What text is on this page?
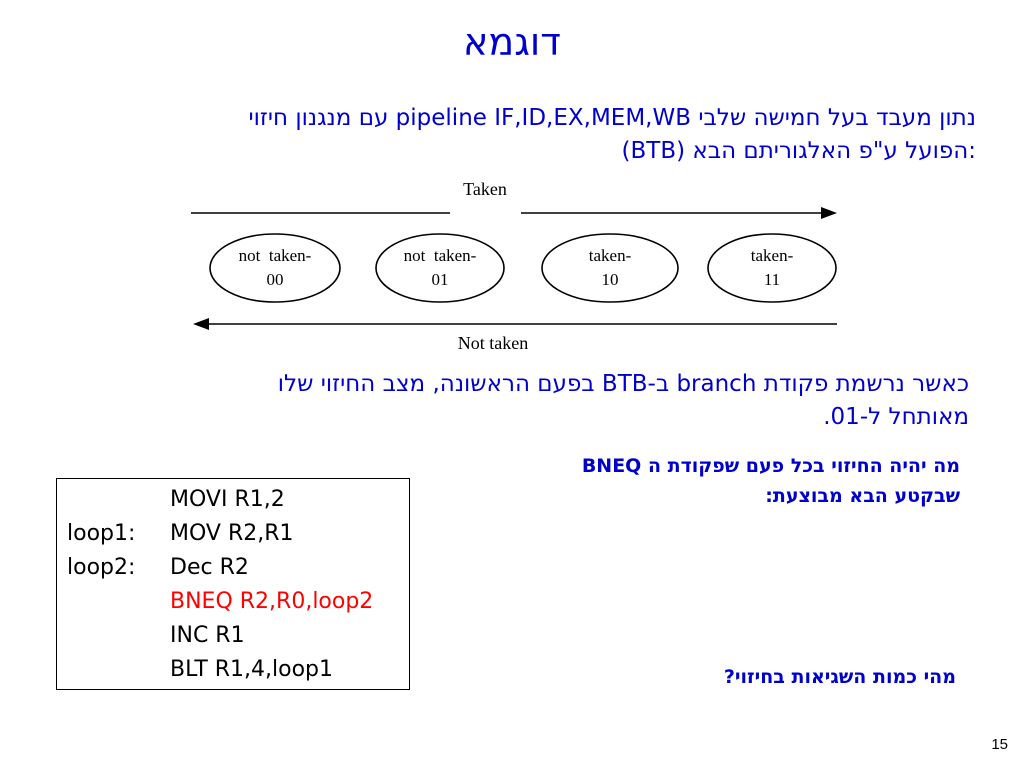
דוגמא
נתון מעבד בעל חמישה שלבי pipeline IF,ID,EX,MEM,WB עם מנגנון חיזוי
(BTB) הפועל ע"פ האלגוריתם הבא:
Taken
Not taken
not  taken-
00
not  taken-
01
taken-
10
taken-
11
כאשר נרשמת פקודת branch ב-BTB בפעם הראשונה, מצב החיזוי שלו
מאותחל ל-01.
מה יהיה החיזוי בכל פעם שפקודת ה BNEQ
שבקטע הבא מבוצעת:
MOVI R1,2
loop1: MOV R2,R1
loop2: Dec R2
BNEQ R2,R0,loop2
INC R1
BLT R1,4,loop1	מהי כמות השגיאות בחיזוי?
15
